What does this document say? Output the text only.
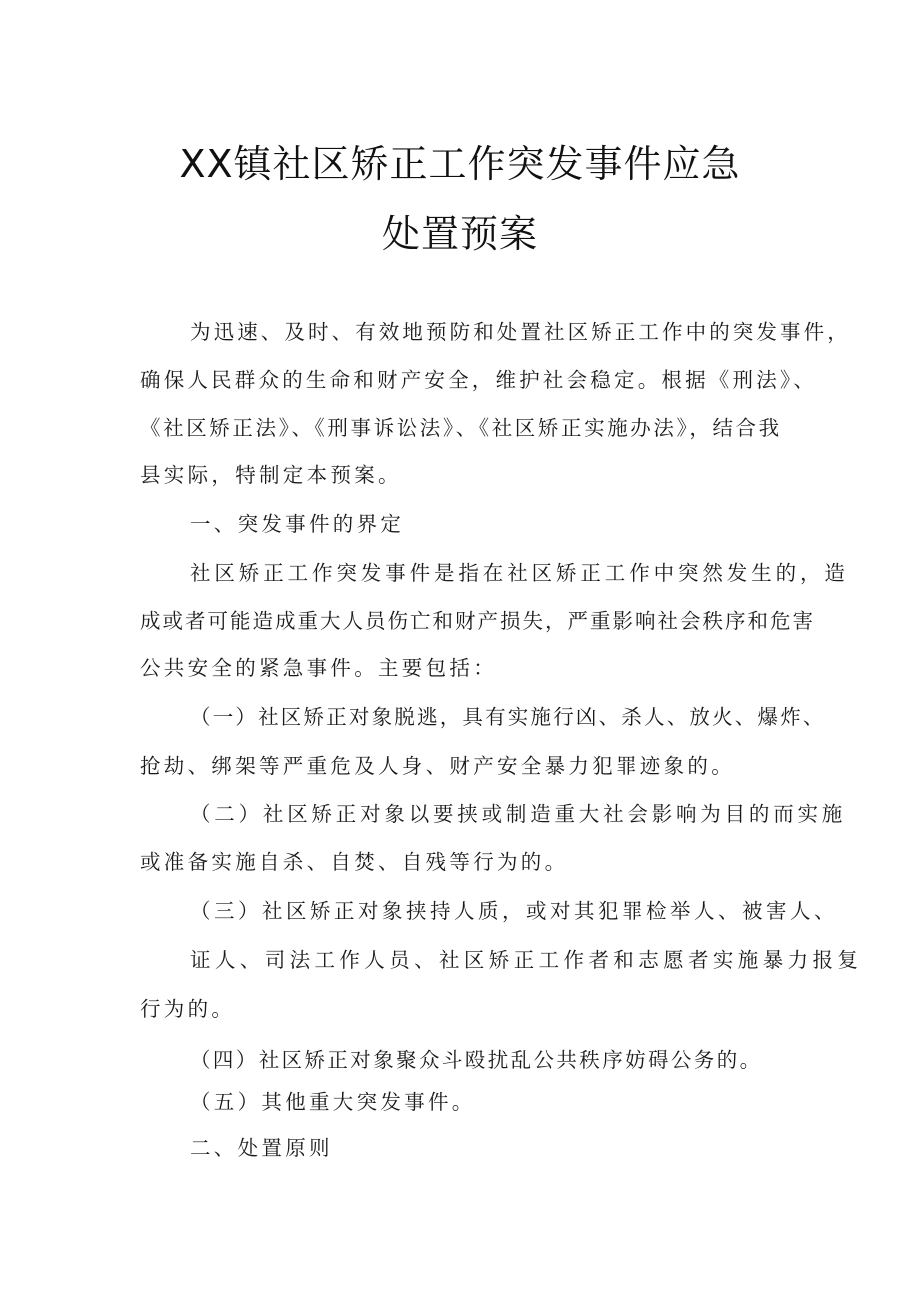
XX镇社区矫正工作突发事件应急
处置预案
为迅速、及时、有效地预防和处置社区矫正工作中的突发事件，
确保人民群众的生命和财产安全，维护社会稳定。根据《刑法》、
《社区矫正法》、《刑事诉讼法》、《社区矫正实施办法》，结合我
县实际，特制定本预案。
一、突发事件的界定
社区矫正工作突发事件是指在社区矫正工作中突然发生的，造
成或者可能造成重大人员伤亡和财产损失，严重影响社会秩序和危害
公共安全的紧急事件。主要包括：
（一）社区矫正对象脱逃，具有实施行凶、杀人、放火、爆炸、
抢劫、绑架等严重危及人身、财产安全暴力犯罪迹象的。
（二）社区矫正对象以要挟或制造重大社会影响为目的而实施
或准备实施自杀、自焚、自残等行为的。
（三）社区矫正对象挟持人质，或对其犯罪检举人、被害人、
证人、司法工作人员、社区矫正工作者和志愿者实施暴力报复
行为的。
（四）社区矫正对象聚众斗殴扰乱公共秩序妨碍公务的。
（五）其他重大突发事件。
二、处置原则
